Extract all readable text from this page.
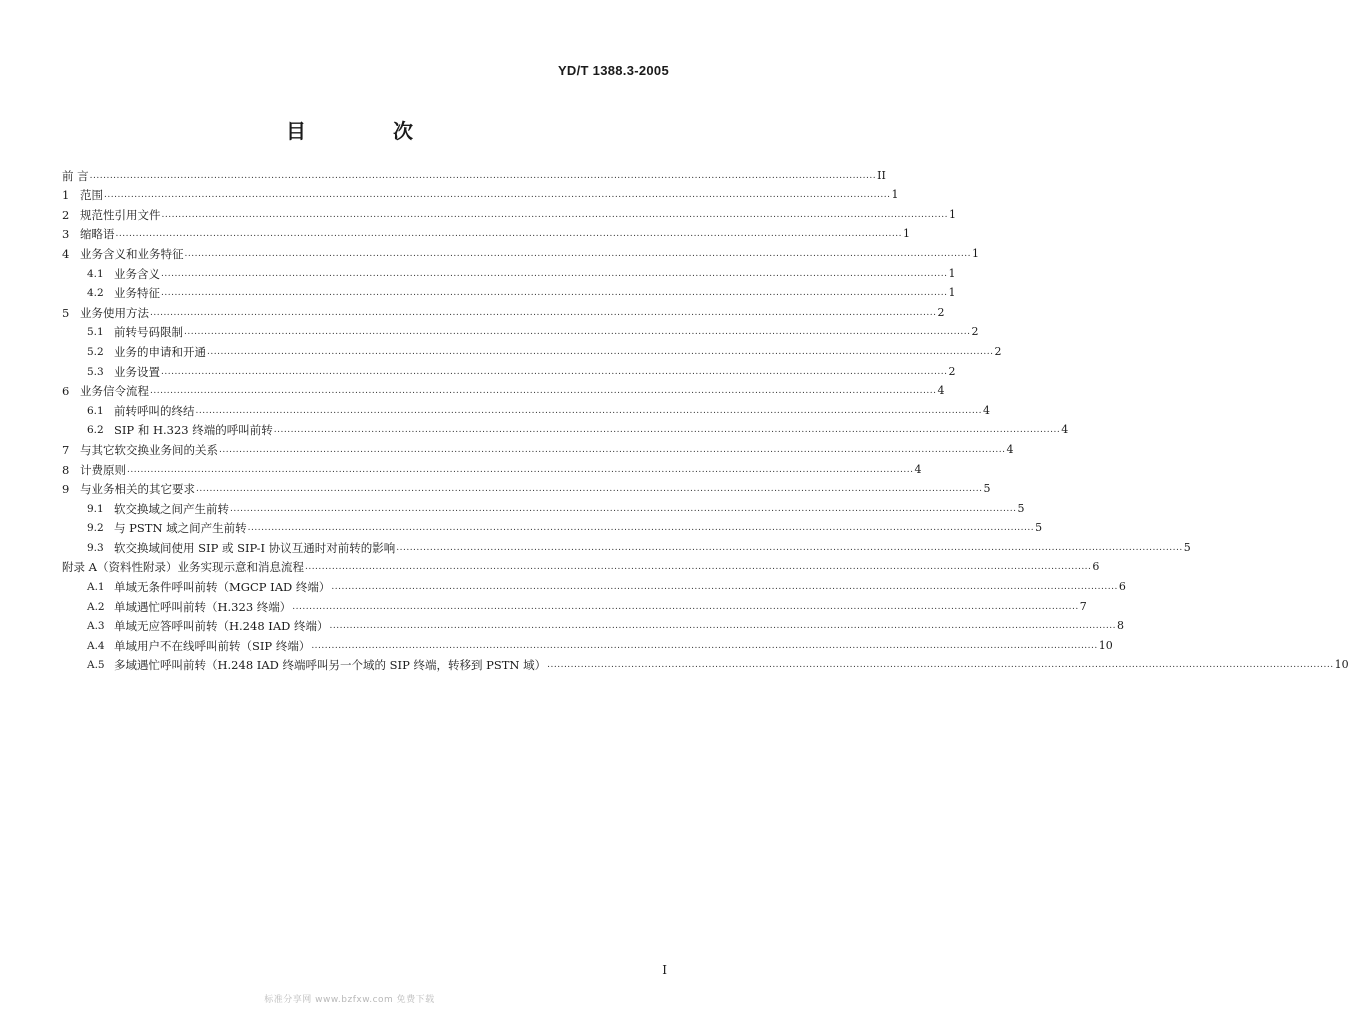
YD/T 1388.3-2005
目 次
前 言 .....	II
1 范围 .....	1
2 规范性引用文件 .....	1
3 缩略语 .....	1
4 业务含义和业务特征 .....	1
4.1 业务含义 .....	1
4.2 业务特征 .....	1
5 业务使用方法 .....	2
5.1 前转号码限制 .....	2
5.2 业务的申请和开通 .....	2
5.3 业务设置 .....	2
6 业务信令流程 .....	4
6.1 前转呼叫的终结 .....	4
6.2 SIP 和 H.323 终端的呼叫前转 .....	4
7 与其它软交换业务间的关系 .....	4
8 计费原则 .....	4
9 与业务相关的其它要求 .....	5
9.1 软交换域之间产生前转 .....	5
9.2 与 PSTN 域之间产生前转 .....	5
9.3 软交换域间使用 SIP 或 SIP-I 协议互通时对前转的影响 .....	5
附录 A（资料性附录）业务实现示意和消息流程 .....	6
A.1 单域无条件呼叫前转（MGCP IAD 终端） .....	6
A.2 单域遇忙呼叫前转（H.323 终端） .....	7
A.3 单域无应答呼叫前转（H.248 IAD 终端） .....	8
A.4 单域用户不在线呼叫前转（SIP 终端） .....	10
A.5 多域遇忙呼叫前转（H.248 IAD 终端呼叫另一个域的 SIP 终端，转移到 PSTN 域） .....	10
I
标准分享网 www.bzfxw.com 免费下载
